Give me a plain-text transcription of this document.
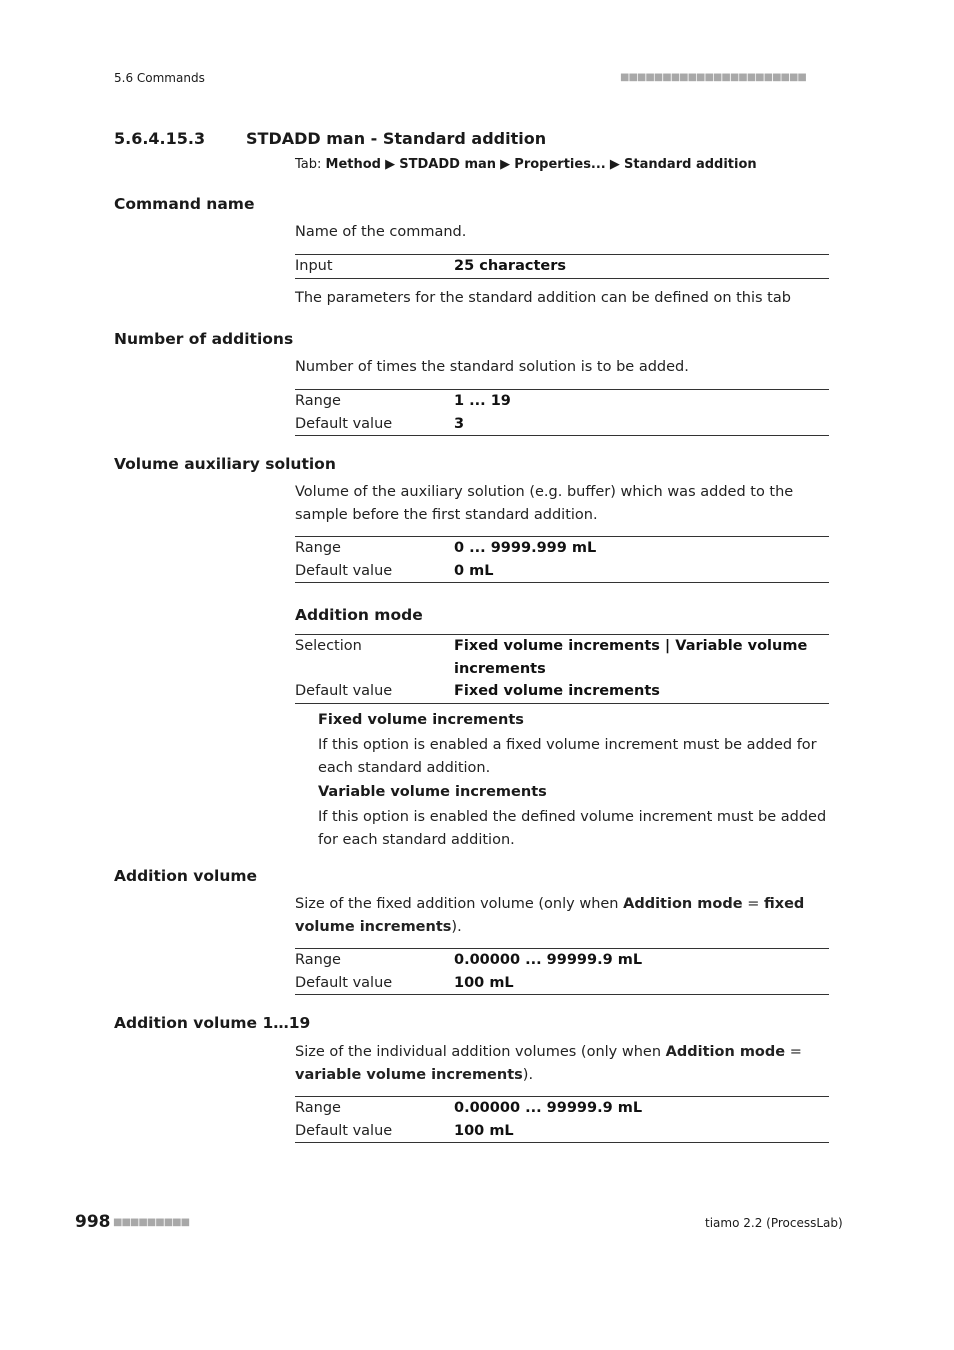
5.6 Commands	■■■■■■■■■■■■■■■■■■■■■■
5.6.4.15.3	STDADD man - Standard addition
Tab: Method ▶ STDADD man ▶ Properties... ▶ Standard addition
Command name
Name of the command.
Input	25 characters
The parameters for the standard addition can be defined on this tab
Number of additions
Number of times the standard solution is to be added.
Range	1 ... 19
Default value	3
Volume auxiliary solution
Volume of the auxiliary solution (e.g. buffer) which was added to the sample before the first standard addition.
Range	0 ... 9999.999 mL
Default value	0 mL
Addition mode
Selection	Fixed volume increments | Variable volume increments
Default value	Fixed volume increments
Fixed volume increments
If this option is enabled a fixed volume increment must be added for each standard addition.
Variable volume increments
If this option is enabled the defined volume increment must be added for each standard addition.
Addition volume
Size of the fixed addition volume (only when Addition mode = fixed volume increments).
Range	0.00000 ... 99999.9 mL
Default value	100 mL
Addition volume 1…19
Size of the individual addition volumes (only when Addition mode = variable volume increments).
Range	0.00000 ... 99999.9 mL
Default value	100 mL
998 ■■■■■■■■■	tiamo 2.2 (ProcessLab)
